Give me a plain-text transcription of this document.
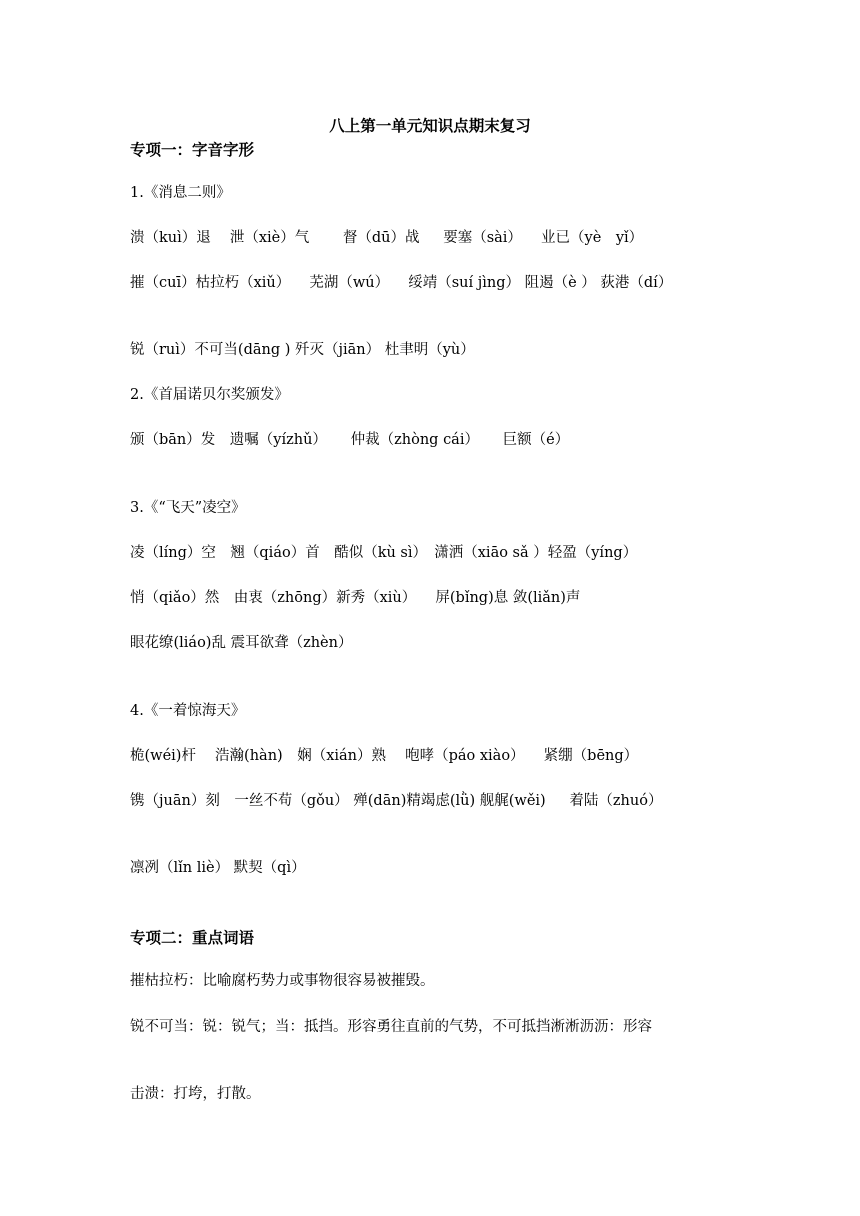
八上第一单元知识点期末复习
专项一：字音字形
1.《消息二则》
溃（kuì）退　 泄（xiè）气 　　督（dū）战 　 要塞（sài） 　业已（yè　yǐ）
摧（cuī）枯拉朽（xiǔ） 　芜湖（wú） 　绥靖（suí jìng） 阻遏（è ） 荻港（dí）
锐（ruì）不可当(dāng ) 歼灭（jiān） 杜聿明（yù）
2.《首届诺贝尔奖颁发》
颁（bān）发　遗嘱（yízhǔ） 　 仲裁（zhòng cái） 　 巨额（é）
3.《“飞天”凌空》
凌（líng）空　翘（qiáo）首　酷似（kù sì）　潇洒（xiāo sǎ ）轻盈（yíng）
悄（qiǎo）然　由衷（zhōng）新秀（xiù） 　屏(bǐng)息 敛(liǎn)声
眼花缭(liáo)乱 震耳欲聋（zhèn）
4.《一着惊海天》
桅(wéi)杆　 浩瀚(hàn)　娴（xián）熟　 咆哮（páo xiào） 　紧绷（bēng）
镌（juān）刻　一丝不苟（gǒu） 殚(dān)精竭虑(lǜ) 舰艉(wěi) 　 着陆（zhuó）
凛冽（lǐn liè） 默契（qì）
专项二：重点词语
摧枯拉朽：比喻腐朽势力或事物很容易被摧毁。
锐不可当：锐：锐气；当：抵挡。形容勇往直前的气势，不可抵挡淅淅沥沥：形容
击溃：打垮，打散。
